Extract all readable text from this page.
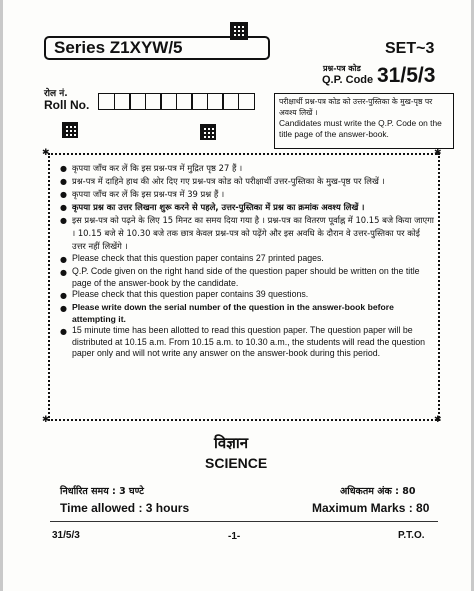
Series Z1XYW/5	SET~3
प्रश्न-पत्र कोड
Q.P. Code 31/5/3
रोल नं.
Roll No.	परीक्षार्थी प्रश्न-पत्र कोड को उत्तर-पुस्तिका के मुख-पृष्ठ पर अवश्य लिखें ।
Candidates must write the Q.P. Code on the title page of the answer-book.
✱	✱
✱	✱
● कृपया जाँच कर लें कि इस प्रश्न-पत्र में मुद्रित पृष्ठ 27 हैं ।
● प्रश्न-पत्र में दाहिने हाथ की ओर दिए गए प्रश्न-पत्र कोड को परीक्षार्थी उत्तर-पुस्तिका के मुख-पृष्ठ पर लिखें ।
● कृपया जाँच कर लें कि इस प्रश्न-पत्र में 39 प्रश्न हैं ।
● कृपया प्रश्न का उत्तर लिखना शुरू करने से पहले, उत्तर-पुस्तिका में प्रश्न का क्रमांक अवश्य लिखें ।
● इस प्रश्न-पत्र को पढ़ने के लिए 15 मिनट का समय दिया गया है । प्रश्न-पत्र का वितरण पूर्वाह्न में 10.15 बजे किया जाएगा । 10.15 बजे से 10.30 बजे तक छात्र केवल प्रश्न-पत्र को पढ़ेंगे और इस अवधि के दौरान वे उत्तर-पुस्तिका पर कोई उत्तर नहीं लिखेंगे ।
● Please check that this question paper contains 27 printed pages.
● Q.P. Code given on the right hand side of the question paper should be written on the title page of the answer-book by the candidate.
● Please check that this question paper contains 39 questions.
● Please write down the serial number of the question in the answer-book before attempting it.
● 15 minute time has been allotted to read this question paper. The question paper will be distributed at 10.15 a.m. From 10.15 a.m. to 10.30 a.m., the students will read the question paper only and will not write any answer on the answer-book during this period.
विज्ञान
SCIENCE
निर्धारित समय : 3 घण्टे
Time allowed : 3 hours
अधिकतम अंक : 80
Maximum Marks : 80
31/5/3	-1-	P.T.O.
